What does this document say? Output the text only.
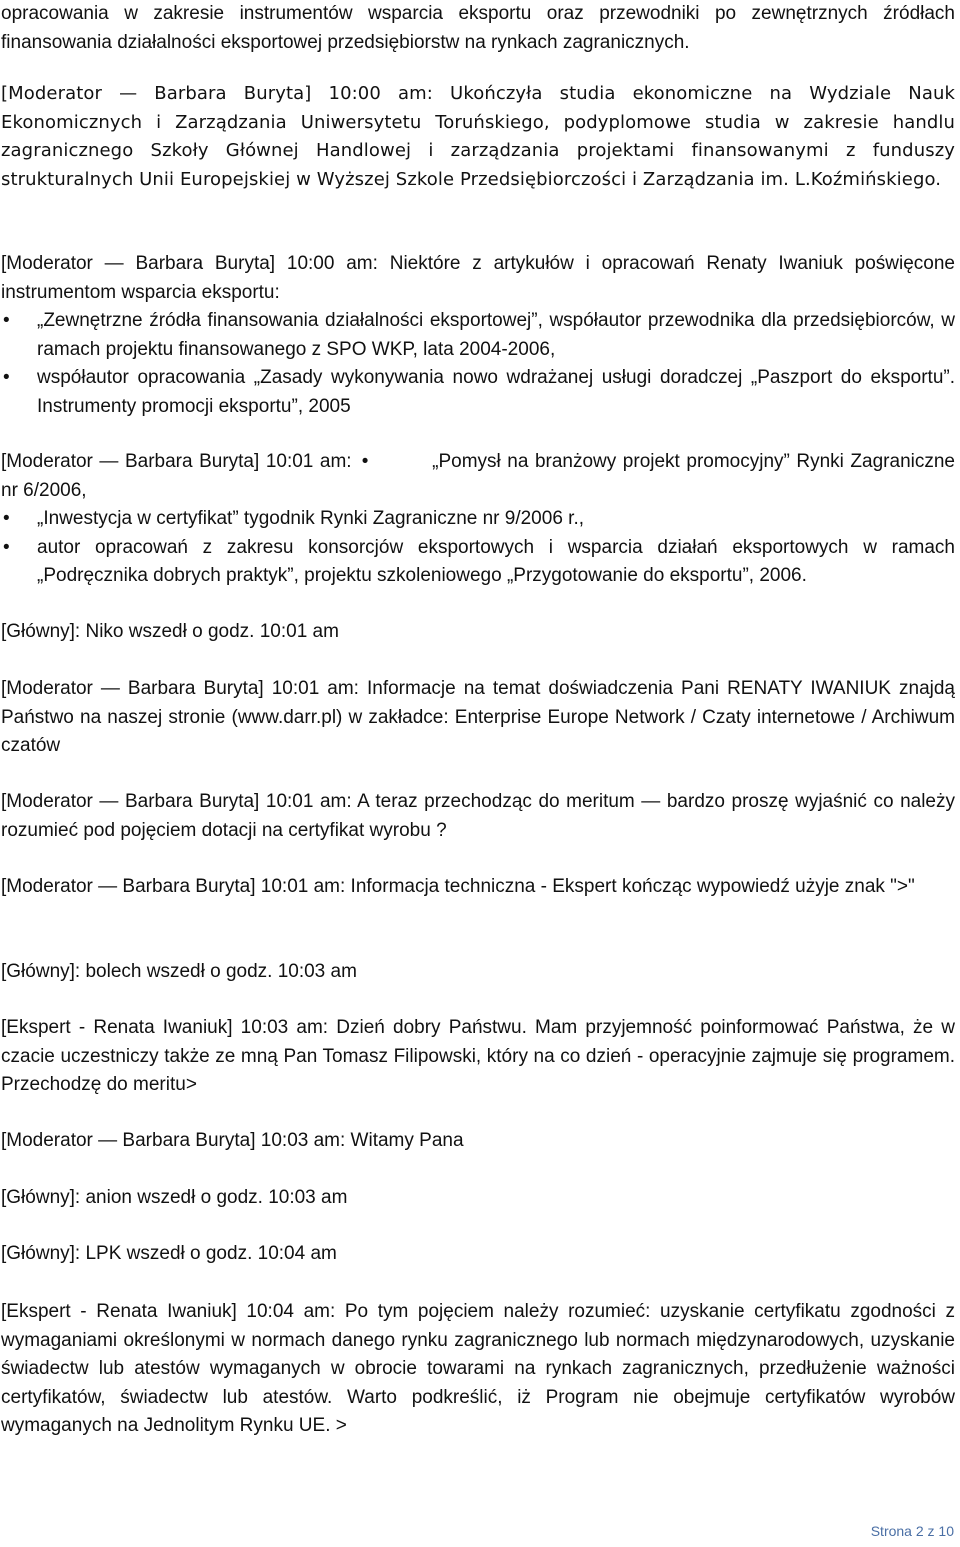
opracowania w zakresie instrumentów wsparcia eksportu oraz przewodniki po zewnętrznych źródłach finansowania działalności eksportowej przedsiębiorstw na rynkach zagranicznych.

[Moderator — Barbara Buryta] 10:00 am: Ukończyła studia ekonomiczne na Wydziale Nauk Ekonomicznych i Zarządzania Uniwersytetu Toruńskiego, podyplomowe studia w zakresie handlu zagranicznego Szkoły Głównej Handlowej i zarządzania projektami finansowanymi z funduszy strukturalnych Unii Europejskiej w Wyższej Szkole Przedsiębiorczości i Zarządzania im. L.Koźmińskiego.

[Moderator — Barbara Buryta] 10:00 am: Niektóre z artykułów i opracowań Renaty Iwaniuk poświęcone instrumentom wsparcia eksportu:

• „Zewnętrzne źródła finansowania działalności eksportowej”, współautor przewodnika dla przedsiębiorców, w ramach projektu finansowanego z SPO WKP, lata 2004-2006,
• współautor opracowania „Zasady wykonywania nowo wdrażanej usługi doradczej „Paszport do eksportu”. Instrumenty promocji eksportu”, 2005

[Moderator — Barbara Buryta] 10:01 am: •	„Pomysł na branżowy projekt promocyjny” Rynki Zagraniczne nr 6/2006,

• „Inwestycja w certyfikat” tygodnik Rynki Zagraniczne nr 9/2006 r.,
• autor opracowań z zakresu konsorcjów eksportowych i wsparcia działań eksportowych w ramach „Podręcznika dobrych praktyk”, projektu szkoleniowego „Przygotowanie do eksportu”, 2006.

[Główny]: Niko wszedł o godz. 10:01 am

[Moderator — Barbara Buryta] 10:01 am: Informacje na temat doświadczenia Pani RENATY IWANIUK znajdą Państwo na naszej stronie (www.darr.pl) w zakładce: Enterprise Europe Network / Czaty internetowe / Archiwum czatów

[Moderator — Barbara Buryta] 10:01 am: A teraz przechodząc do meritum — bardzo proszę wyjaśnić co należy rozumieć pod pojęciem dotacji na certyfikat wyrobu ?

[Moderator — Barbara Buryta] 10:01 am: Informacja techniczna - Ekspert kończąc wypowiedź użyje znak ">"

[Główny]: bolech wszedł o godz. 10:03 am

[Ekspert - Renata Iwaniuk] 10:03 am: Dzień dobry Państwu. Mam przyjemność poinformować Państwa, że w czacie uczestniczy także ze mną Pan Tomasz Filipowski, który na co dzień - operacyjnie zajmuje się programem. Przechodzę do meritu>

[Moderator — Barbara Buryta] 10:03 am: Witamy Pana

[Główny]: anion wszedł o godz. 10:03 am

[Główny]: LPK wszedł o godz. 10:04 am

[Ekspert - Renata Iwaniuk] 10:04 am: Po tym pojęciem należy rozumieć: uzyskanie certyfikatu zgodności z wymaganiami określonymi w normach danego rynku zagranicznego lub normach międzynarodowych, uzyskanie świadectw lub atestów wymaganych w obrocie towarami na rynkach zagranicznych, przedłużenie ważności certyfikatów, świadectw lub atestów. Warto podkreślić, iż Program nie obejmuje certyfikatów wyrobów wymaganych na Jednolitym Rynku UE. >

Strona 2 z 10
